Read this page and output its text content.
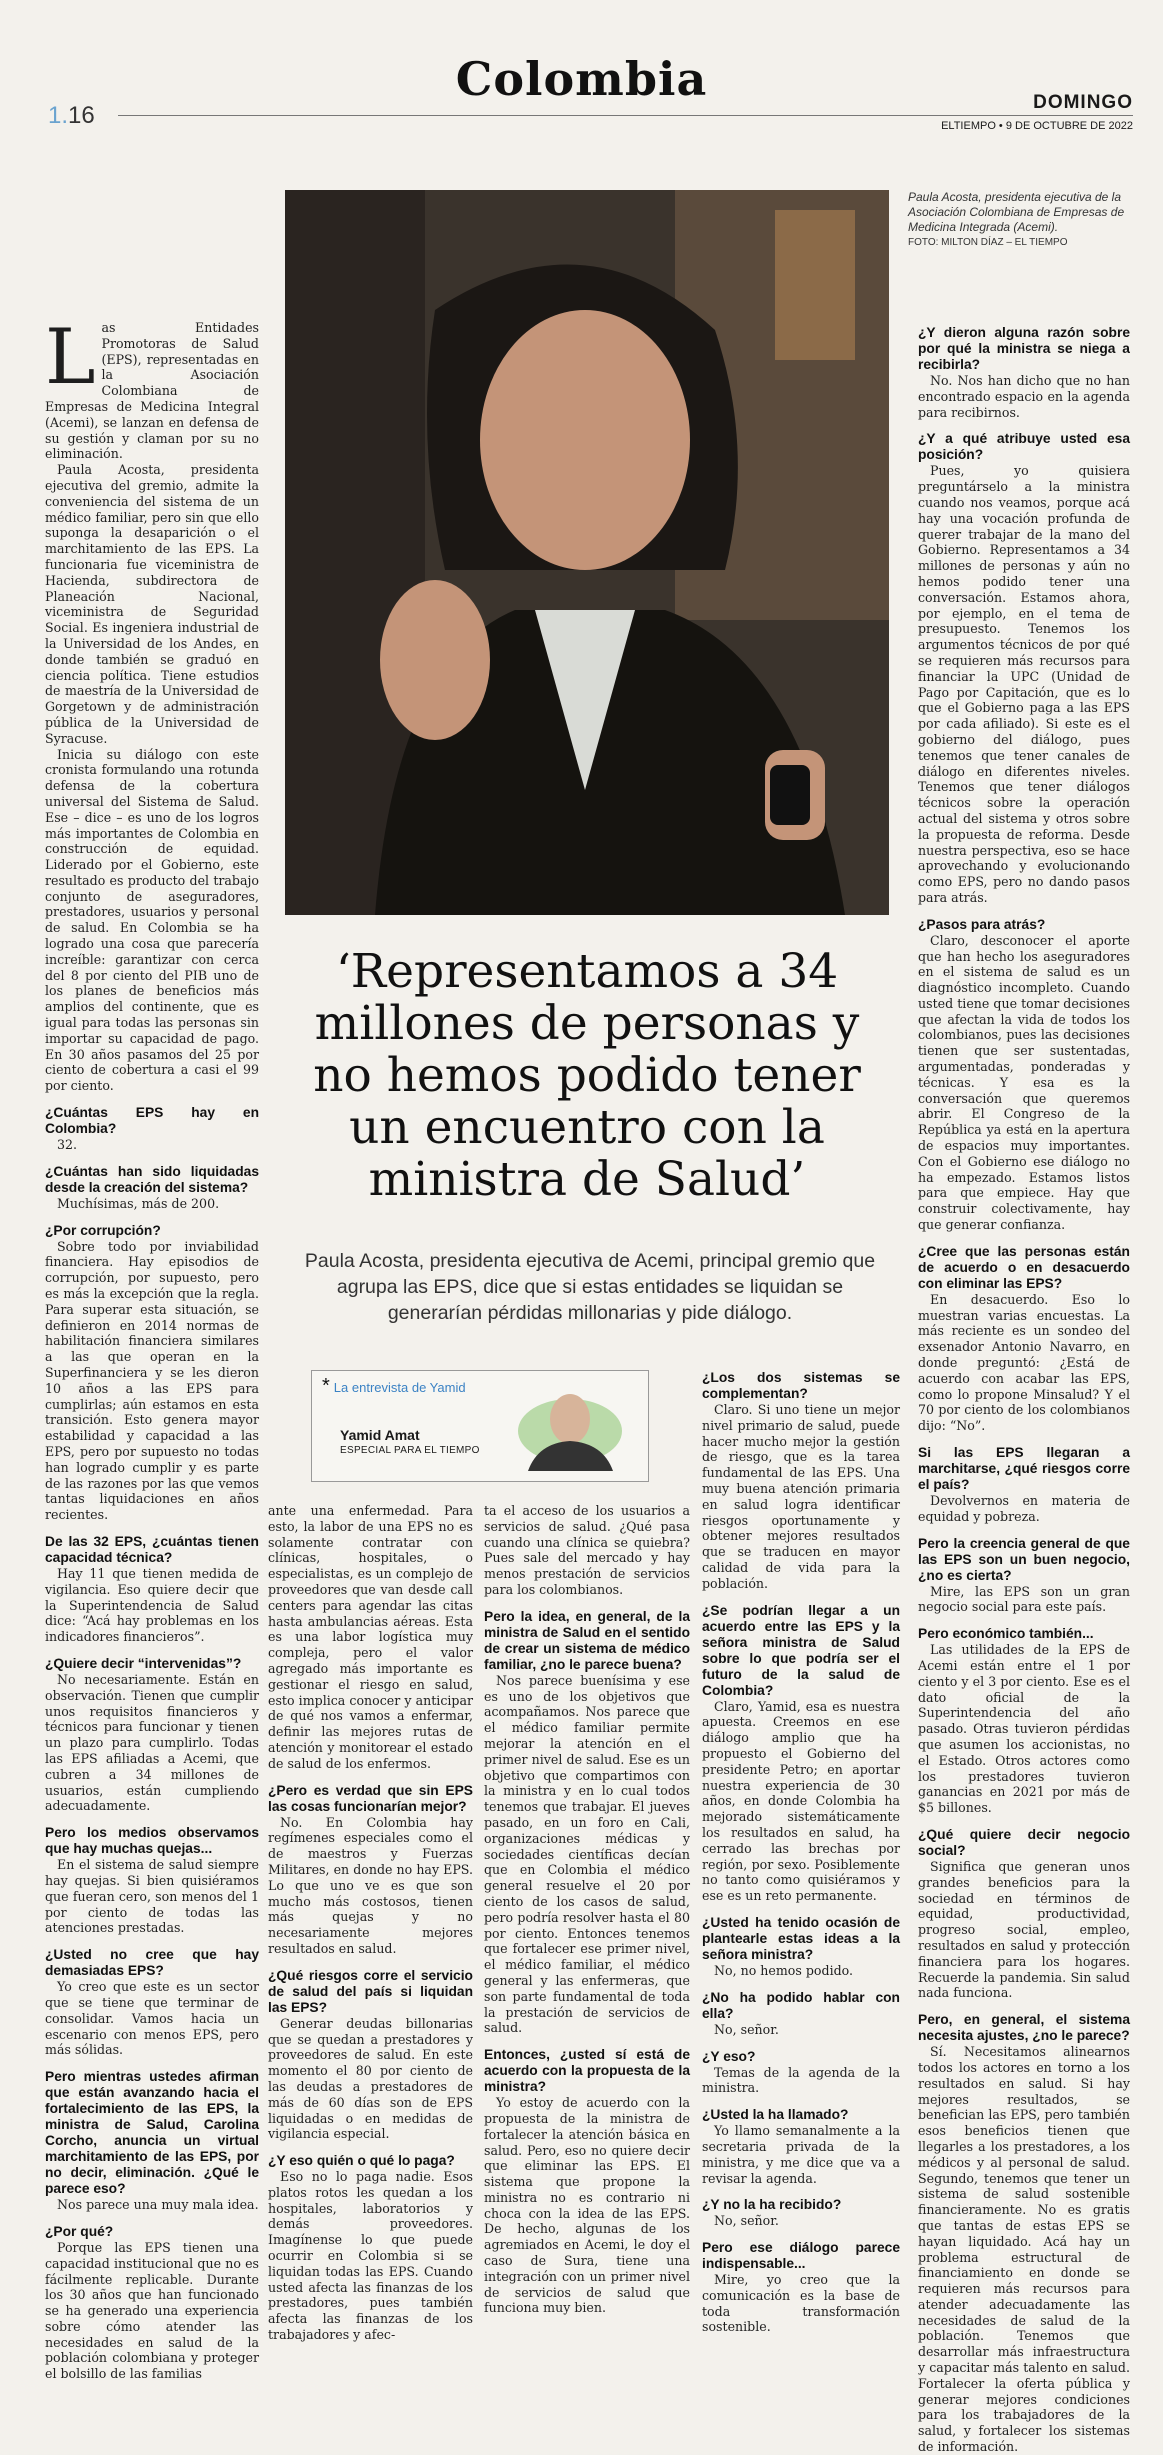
Colombia
1.16	DOMINGO
ELTIEMPO • 9 DE OCTUBRE DE 2022
Paula Acosta, presidenta ejecutiva de la Asociación Colombiana de Empresas de Medicina Integrada (Acemi).
FOTO: MILTON DÍAZ – EL TIEMPO
‘Representamos a 34 millones de personas y no hemos podido tener un encuentro con la ministra de Salud’
Paula Acosta, presidenta ejecutiva de Acemi, principal gremio que agrupa las EPS, dice que si estas entidades se liquidan se generarían pérdidas millonarias y pide diálogo.
* La entrevista de Yamid
Yamid Amat
ESPECIAL PARA EL TIEMPO

Las Entidades Promotoras de Salud (EPS), representadas en la Asociación Colombiana de Empresas de Medicina Integral (Acemi), se lanzan en defensa de su gestión y claman por su no eliminación.

Paula Acosta, presidenta ejecutiva del gremio, admite la conveniencia del sistema de un médico familiar, pero sin que ello suponga la desaparición o el marchitamiento de las EPS. La funcionaria fue viceministra de Hacienda, subdirectora de Planeación Nacional, viceministra de Seguridad Social. Es ingeniera industrial de la Universidad de los Andes, en donde también se graduó en ciencia política. Tiene estudios de maestría de la Universidad de Gorgetown y de administración pública de la Universidad de Syracuse.

Inicia su diálogo con este cronista formulando una rotunda defensa de la cobertura universal del Sistema de Salud. Ese – dice – es uno de los logros más importantes de Colombia en construcción de equidad. Liderado por el Gobierno, este resultado es producto del trabajo conjunto de aseguradores, prestadores, usuarios y personal de salud. En Colombia se ha logrado una cosa que parecería increíble: garantizar con cerca del 8 por ciento del PIB uno de los planes de beneficios más amplios del continente, que es igual para todas las personas sin importar su capacidad de pago. En 30 años pasamos del 25 por ciento de cobertura a casi el 99 por ciento.

¿Cuántas EPS hay en Colombia?

32.

¿Cuántas han sido liquidadas desde la creación del sistema?

Muchísimas, más de 200.

¿Por corrupción?

Sobre todo por inviabilidad financiera. Hay episodios de corrupción, por supuesto, pero es más la excepción que la regla. Para superar esta situación, se definieron en 2014 normas de habilitación financiera similares a las que operan en la Superfinanciera y se les dieron 10 años a las EPS para cumplirlas; aún estamos en esta transición. Esto genera mayor estabilidad y capacidad a las EPS, pero por supuesto no todas han logrado cumplir y es parte de las razones por las que vemos tantas liquidaciones en años recientes.

De las 32 EPS, ¿cuántas tienen capacidad técnica?

Hay 11 que tienen medida de vigilancia. Eso quiere decir que la Superintendencia de Salud dice: “Acá hay problemas en los indicadores financieros”.

¿Quiere decir “intervenidas”?

No necesariamente. Están en observación. Tienen que cumplir unos requisitos financieros y técnicos para funcionar y tienen un plazo para cumplirlo. Todas las EPS afiliadas a Acemi, que cubren a 34 millones de usuarios, están cumpliendo adecuadamente.

Pero los medios observamos que hay muchas quejas...

En el sistema de salud siempre hay quejas. Si bien quisiéramos que fueran cero, son menos del 1 por ciento de todas las atenciones prestadas.

¿Usted no cree que hay demasiadas EPS?

Yo creo que este es un sector que se tiene que terminar de consolidar. Vamos hacia un escenario con menos EPS, pero más sólidas.

Pero mientras ustedes afirman que están avanzando hacia el fortalecimiento de las EPS, la ministra de Salud, Carolina Corcho, anuncia un virtual marchitamiento de las EPS, por no decir, eliminación. ¿Qué le parece eso?

Nos parece una muy mala idea.

¿Por qué?

Porque las EPS tienen una capacidad institucional que no es fácilmente replicable. Durante los 30 años que han funcionado se ha generado una experiencia sobre cómo atender las necesidades en salud de la población colombiana y proteger el bolsillo de las familias

ante una enfermedad. Para esto, la labor de una EPS no es solamente contratar con clínicas, hospitales, o especialistas, es un complejo de proveedores que van desde call centers para agendar las citas hasta ambulancias aéreas. Esta es una labor logística muy compleja, pero el valor agregado más importante es gestionar el riesgo en salud, esto implica conocer y anticipar de qué nos vamos a enfermar, definir las mejores rutas de atención y monitorear el estado de salud de los enfermos.

¿Pero es verdad que sin EPS las cosas funcionarían mejor?

No. En Colombia hay regímenes especiales como el de maestros y Fuerzas Militares, en donde no hay EPS. Lo que uno ve es que son mucho más costosos, tienen más quejas y no necesariamente mejores resultados en salud.

¿Qué riesgos corre el servicio de salud del país si liquidan las EPS?

Generar deudas billonarias que se quedan a prestadores y proveedores de salud. En este momento el 80 por ciento de las deudas a prestadores de más de 60 días son de EPS liquidadas o en medidas de vigilancia especial.

¿Y eso quién o qué lo paga?

Eso no lo paga nadie. Esos platos rotos les quedan a los hospitales, laboratorios y demás proveedores. Imagínense lo que puede ocurrir en Colombia si se liquidan todas las EPS. Cuando usted afecta las finanzas de los prestadores, pues también afecta las finanzas de los trabajadores y afec-

ta el acceso de los usuarios a servicios de salud. ¿Qué pasa cuando una clínica se quiebra? Pues sale del mercado y hay menos prestación de servicios para los colombianos.

Pero la idea, en general, de la ministra de Salud en el sentido de crear un sistema de médico familiar, ¿no le parece buena?

Nos parece buenísima y ese es uno de los objetivos que acompañamos. Nos parece que el médico familiar permite mejorar la atención en el primer nivel de salud. Ese es un objetivo que compartimos con la ministra y en lo cual todos tenemos que trabajar. El jueves pasado, en un foro en Cali, organizaciones médicas y sociedades científicas decían que en Colombia el médico general resuelve el 20 por ciento de los casos de salud, pero podría resolver hasta el 80 por ciento. Entonces tenemos que fortalecer ese primer nivel, el médico familiar, el médico general y las enfermeras, que son parte fundamental de toda la prestación de servicios de salud.

Entonces, ¿usted sí está de acuerdo con la propuesta de la ministra?

Yo estoy de acuerdo con la propuesta de la ministra de fortalecer la atención básica en salud. Pero, eso no quiere decir que eliminar las EPS. El sistema que propone la ministra no es contrario ni choca con la idea de las EPS. De hecho, algunas de los agremiados en Acemi, le doy el caso de Sura, tiene una integración con un primer nivel de servicios de salud que funciona muy bien.

¿Los dos sistemas se complementan?

Claro. Si uno tiene un mejor nivel primario de salud, puede hacer mucho mejor la gestión de riesgo, que es la tarea fundamental de las EPS. Una muy buena atención primaria en salud logra identificar riesgos oportunamente y obtener mejores resultados que se traducen en mayor calidad de vida para la población.

¿Se podrían llegar a un acuerdo entre las EPS y la señora ministra de Salud sobre lo que podría ser el futuro de la salud de Colombia?

Claro, Yamid, esa es nuestra apuesta. Creemos en ese diálogo amplio que ha propuesto el Gobierno del presidente Petro; en aportar nuestra experiencia de 30 años, en donde Colombia ha mejorado sistemáticamente los resultados en salud, ha cerrado las brechas por región, por sexo. Posiblemente no tanto como quisiéramos y ese es un reto permanente.

¿Usted ha tenido ocasión de plantearle estas ideas a la señora ministra?

No, no hemos podido.

¿No ha podido hablar con ella?

No, señor.

¿Y eso?

Temas de la agenda de la ministra.

¿Usted la ha llamado?

Yo llamo semanalmente a la secretaria privada de la ministra, y me dice que va a revisar la agenda.

¿Y no la ha recibido?

No, señor.

Pero ese diálogo parece indispensable...

Mire, yo creo que la comunicación es la base de toda transformación sostenible.

¿Y dieron alguna razón sobre por qué la ministra se niega a recibirla?

No. Nos han dicho que no han encontrado espacio en la agenda para recibirnos.

¿Y a qué atribuye usted esa posición?

Pues, yo quisiera preguntárselo a la ministra cuando nos veamos, porque acá hay una vocación profunda de querer trabajar de la mano del Gobierno. Representamos a 34 millones de personas y aún no hemos podido tener una conversación. Estamos ahora, por ejemplo, en el tema de presupuesto. Tenemos los argumentos técnicos de por qué se requieren más recursos para financiar la UPC (Unidad de Pago por Capitación, que es lo que el Gobierno paga a las EPS por cada afiliado). Si este es el gobierno del diálogo, pues tenemos que tener canales de diálogo en diferentes niveles. Tenemos que tener diálogos técnicos sobre la operación actual del sistema y otros sobre la propuesta de reforma. Desde nuestra perspectiva, eso se hace aprovechando y evolucionando como EPS, pero no dando pasos para atrás.

¿Pasos para atrás?

Claro, desconocer el aporte que han hecho los aseguradores en el sistema de salud es un diagnóstico incompleto. Cuando usted tiene que tomar decisiones que afectan la vida de todos los colombianos, pues las decisiones tienen que ser sustentadas, argumentadas, ponderadas y técnicas. Y esa es la conversación que queremos abrir. El Congreso de la República ya está en la apertura de espacios muy importantes. Con el Gobierno ese diálogo no ha empezado. Estamos listos para que empiece. Hay que construir colectivamente, hay que generar confianza.

¿Cree que las personas están de acuerdo o en desacuerdo con eliminar las EPS?

En desacuerdo. Eso lo muestran varias encuestas. La más reciente es un sondeo del exsenador Antonio Navarro, en donde preguntó: ¿Está de acuerdo con acabar las EPS, como lo propone Minsalud? Y el 70 por ciento de los colombianos dijo: “No”.

Si las EPS llegaran a marchitarse, ¿qué riesgos corre el país?

Devolvernos en materia de equidad y pobreza.

Pero la creencia general de que las EPS son un buen negocio, ¿no es cierta?

Mire, las EPS son un gran negocio social para este país.

Pero económico también...

Las utilidades de la EPS de Acemi están entre el 1 por ciento y el 3 por ciento. Ese es el dato oficial de la Superintendencia del año pasado. Otras tuvieron pérdidas que asumen los accionistas, no el Estado. Otros actores como los prestadores tuvieron ganancias en 2021 por más de $5 billones.

¿Qué quiere decir negocio social?

Significa que generan unos grandes beneficios para la sociedad en términos de equidad, productividad, progreso social, empleo, resultados en salud y protección financiera para los hogares. Recuerde la pandemia. Sin salud nada funciona.

Pero, en general, el sistema necesita ajustes, ¿no le parece?

Sí. Necesitamos alinearnos todos los actores en torno a los resultados en salud. Si hay mejores resultados, se benefician las EPS, pero también esos beneficios tienen que llegarles a los prestadores, a los médicos y al personal de salud. Segundo, tenemos que tener un sistema de salud sostenible financieramente. No es gratis que tantas de estas EPS se hayan liquidado. Acá hay un problema estructural de financiamiento en donde se requieren más recursos para atender adecuadamente las necesidades de salud de la población. Tenemos que desarrollar más infraestructura y capacitar más talento en salud. Fortalecer la oferta pública y generar mejores condiciones para los trabajadores de la salud, y fortalecer los sistemas de información.
